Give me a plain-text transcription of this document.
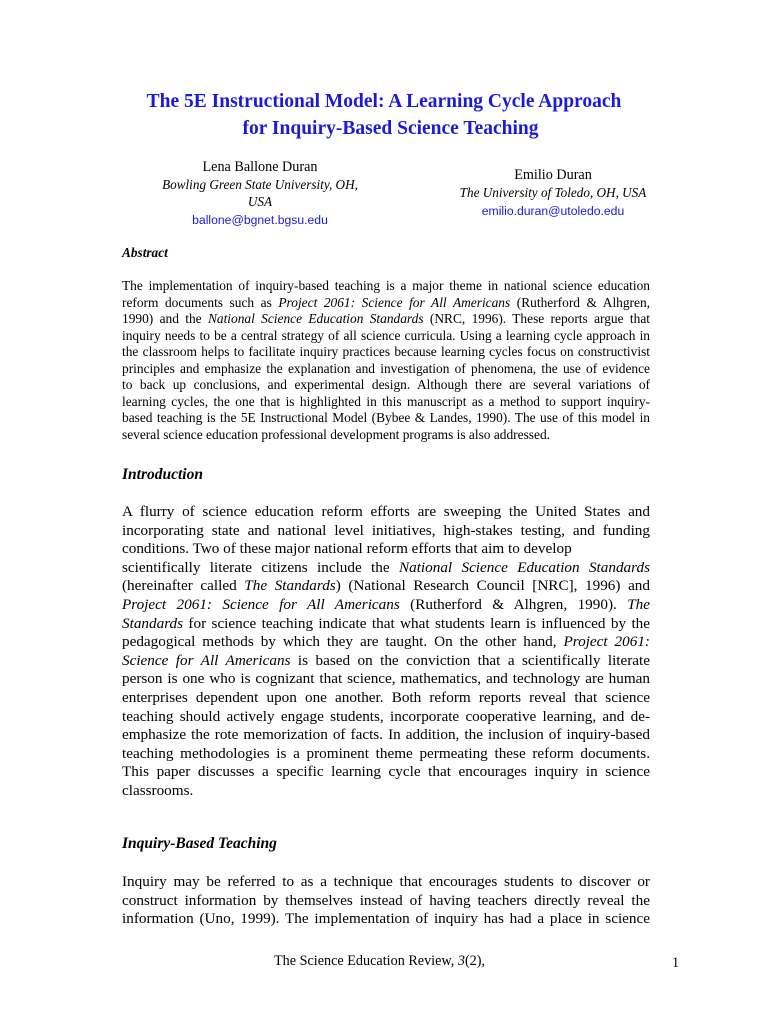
The 5E Instructional Model: A Learning Cycle Approach
for Inquiry-Based Science Teaching
Lena Ballone Duran
Bowling Green State University, OH,
USA
ballone@bgnet.bgsu.edu
Emilio Duran
The University of Toledo, OH, USA
emilio.duran@utoledo.edu
Abstract
The implementation of inquiry-based teaching is a major theme in national science education
reform documents such as Project 2061: Science for All Americans (Rutherford & Alhgren,
1990) and the National Science Education Standards (NRC, 1996). These reports argue that
inquiry needs to be a central strategy of all science curricula. Using a learning cycle approach in
the classroom helps to facilitate inquiry practices because learning cycles focus on constructivist
principles and emphasize the explanation and investigation of phenomena, the use of evidence
to back up conclusions, and experimental design. Although there are several variations of
learning cycles, the one that is highlighted in this manuscript as a method to support inquiry-
based teaching is the 5E Instructional Model (Bybee & Landes, 1990). The use of this model in
several science education professional development programs is also addressed.
Introduction
A flurry of science education reform efforts are sweeping the United States and
incorporating state and national level initiatives, high-stakes testing, and funding
conditions. Two of these major national reform efforts that aim to develop
scientifically literate citizens include the National Science Education Standards
(hereinafter called The Standards) (National Research Council [NRC], 1996) and
Project 2061: Science for All Americans (Rutherford & Alhgren, 1990). The
Standards for science teaching indicate that what students learn is influenced by the
pedagogical methods by which they are taught. On the other hand, Project 2061:
Science for All Americans is based on the conviction that a scientifically literate
person is one who is cognizant that science, mathematics, and technology are human
enterprises dependent upon one another. Both reform reports reveal that science
teaching should actively engage students, incorporate cooperative learning, and de-
emphasize the rote memorization of facts. In addition, the inclusion of inquiry-based
teaching methodologies is a prominent theme permeating these reform documents.
This paper discusses a specific learning cycle that encourages inquiry in science
classrooms.
Inquiry-Based Teaching
Inquiry may be referred to as a technique that encourages students to discover or
construct information by themselves instead of having teachers directly reveal the
information (Uno, 1999). The implementation of inquiry has had a place in science
The Science Education Review, 3(2),	1
